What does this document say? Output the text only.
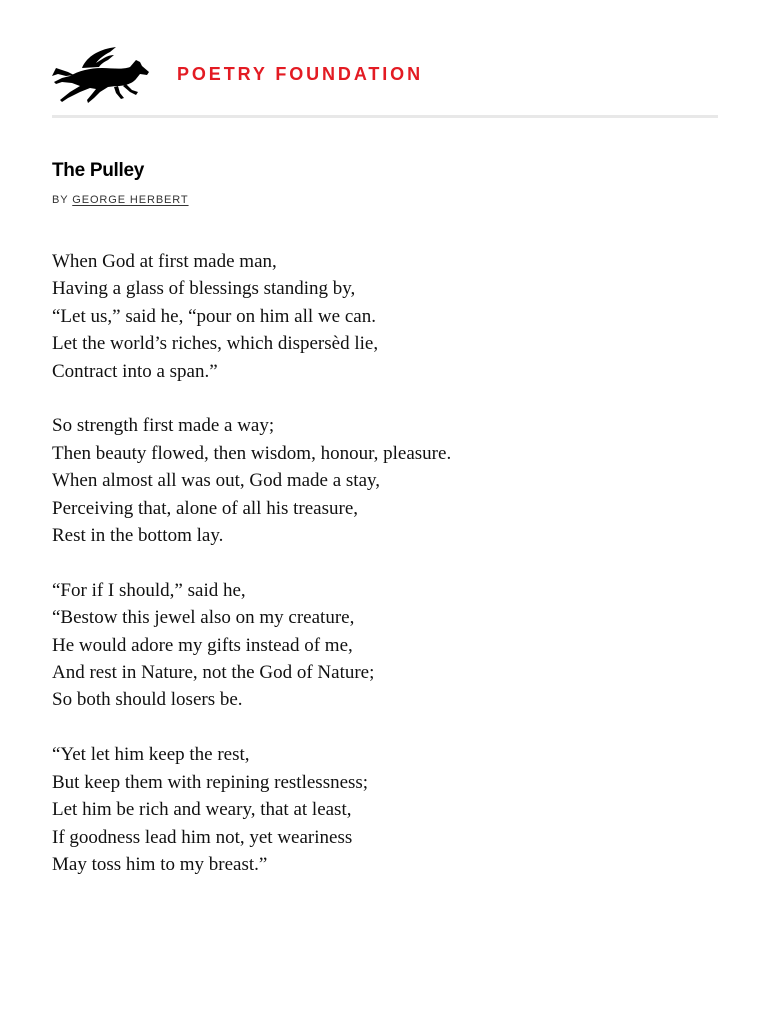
POETRY FOUNDATION
The Pulley
BY GEORGE HERBERT
When God at first made man,
Having a glass of blessings standing by,
“Let us,” said he, “pour on him all we can.
Let the world’s riches, which dispersèd lie,
Contract into a span.”
So strength first made a way;
Then beauty flowed, then wisdom, honour, pleasure.
When almost all was out, God made a stay,
Perceiving that, alone of all his treasure,
Rest in the bottom lay.
“For if I should,” said he,
“Bestow this jewel also on my creature,
He would adore my gifts instead of me,
And rest in Nature, not the God of Nature;
So both should losers be.
“Yet let him keep the rest,
But keep them with repining restlessness;
Let him be rich and weary, that at least,
If goodness lead him not, yet weariness
May toss him to my breast.”
